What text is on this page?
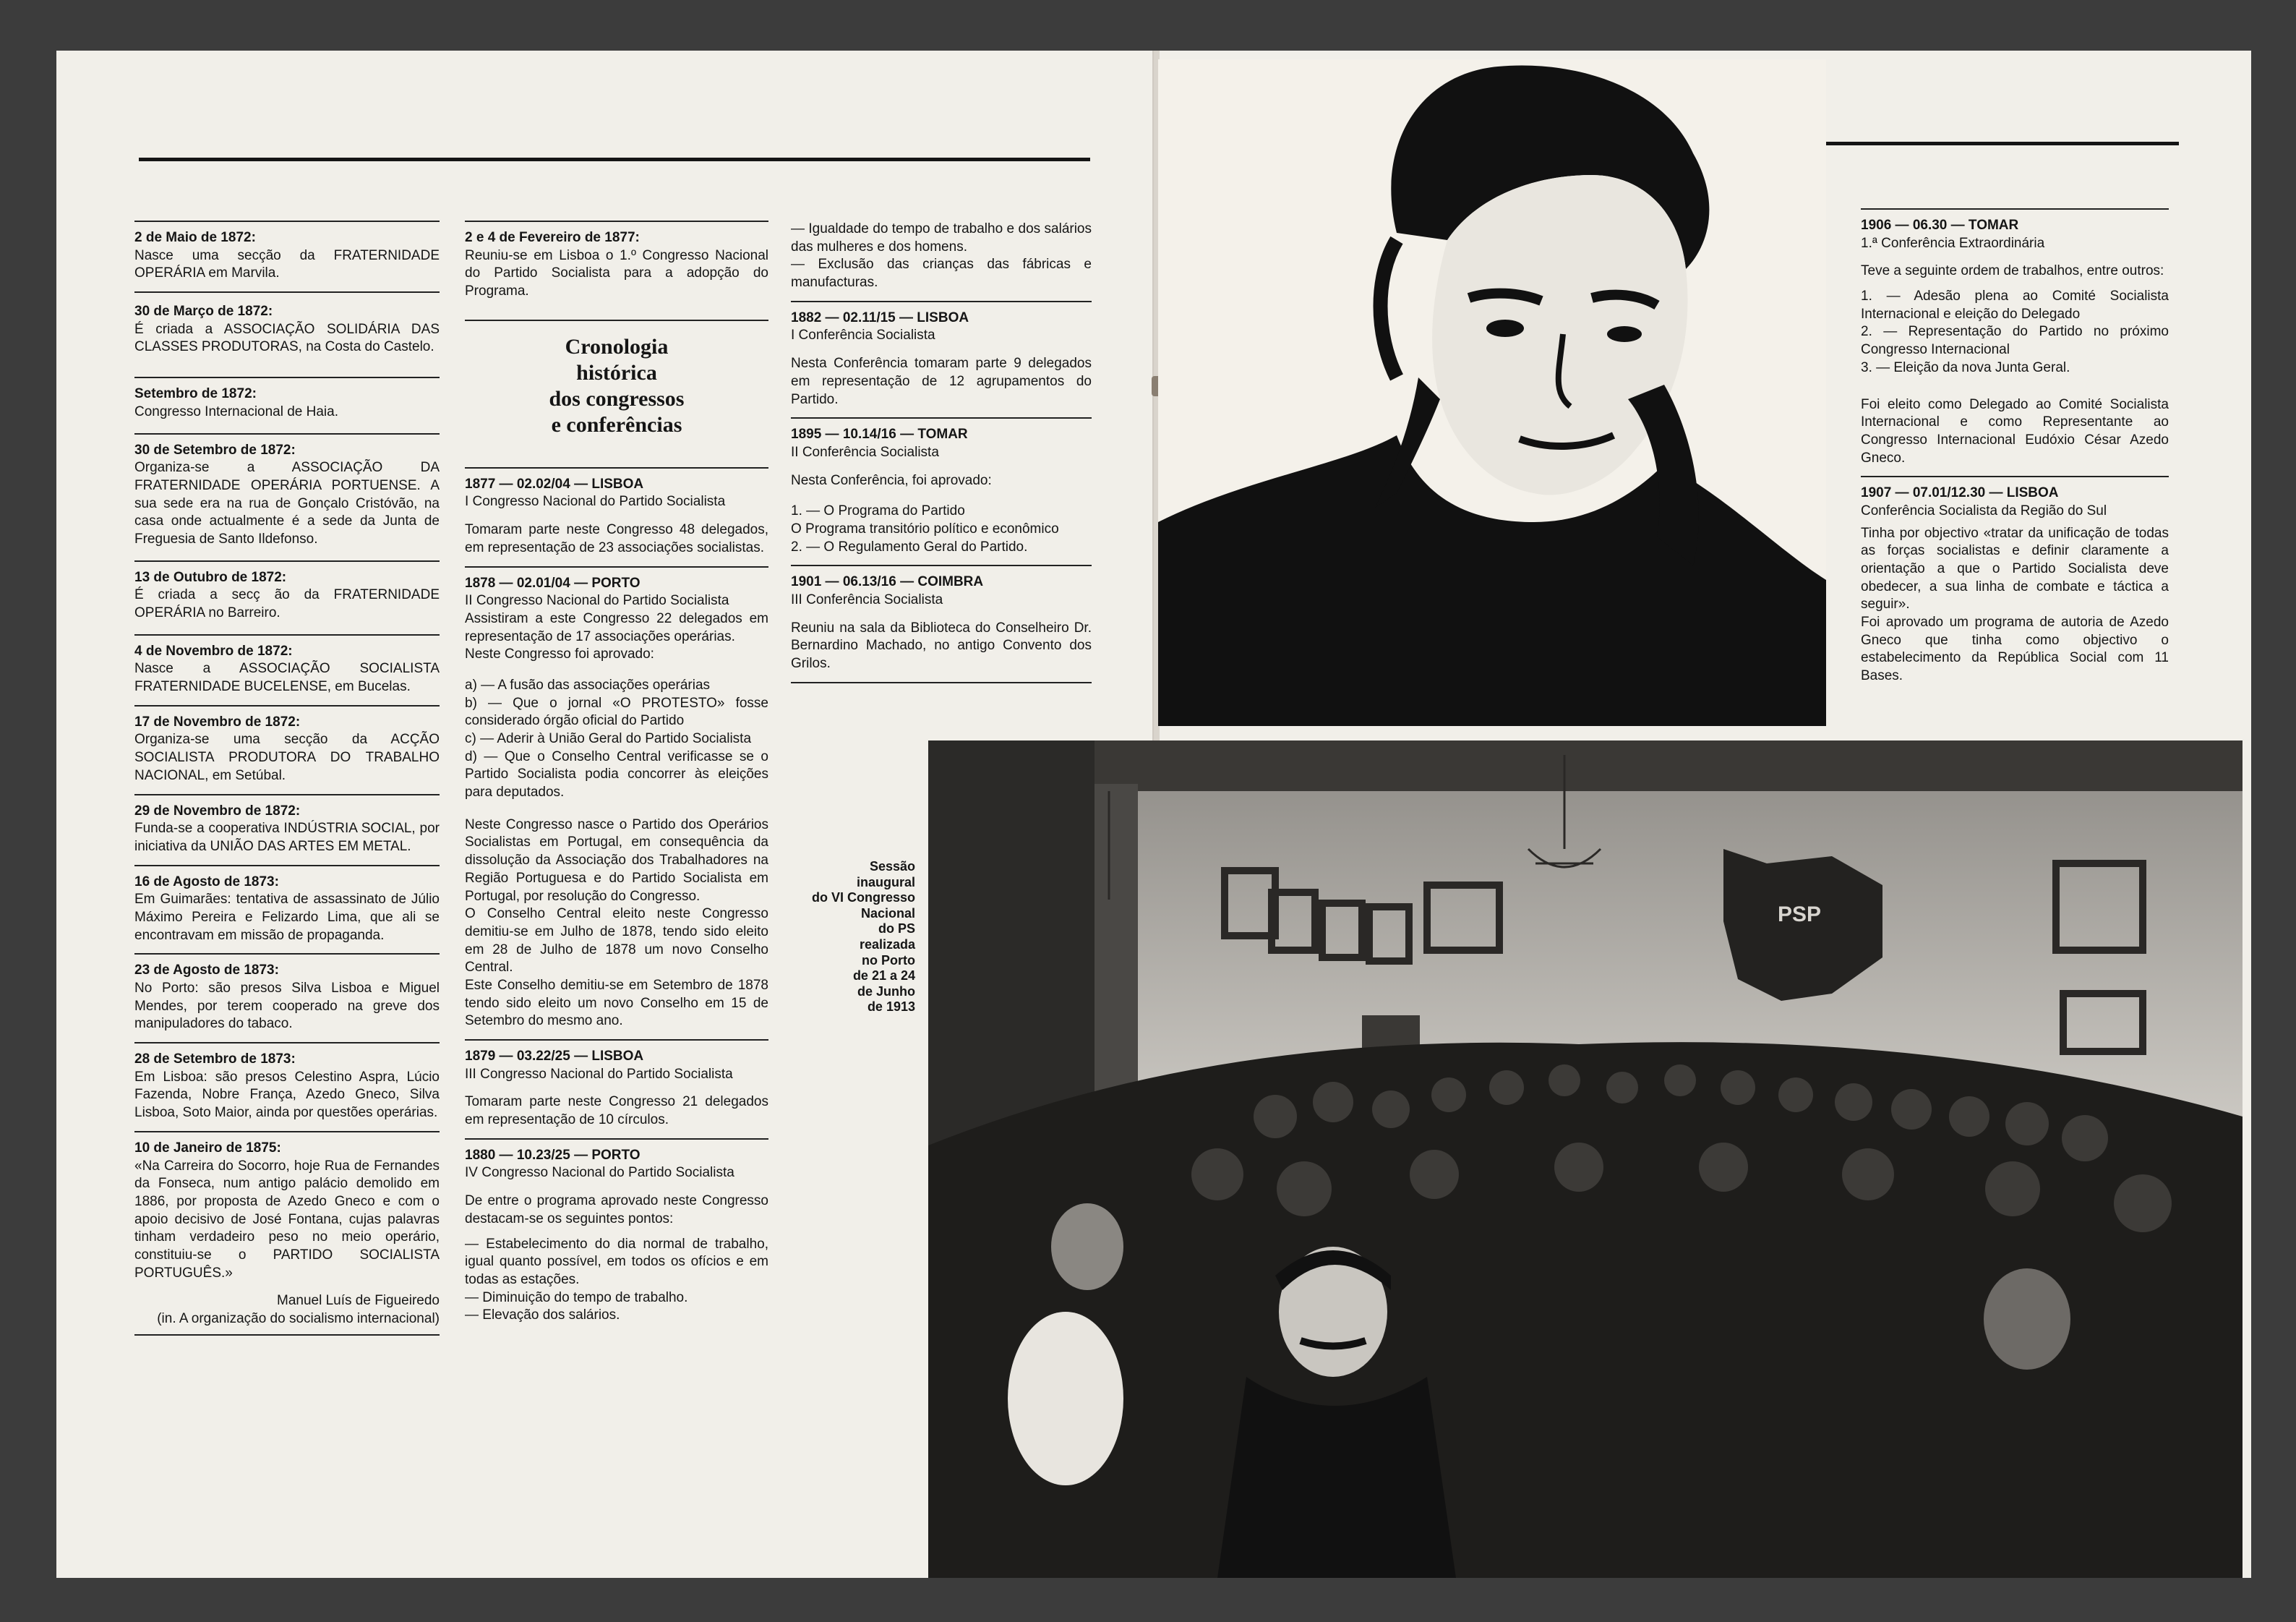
2 de Maio de 1872:
Nasce uma secção da FRATERNIDADE OPERÁRIA em Marvila.
30 de Março de 1872:
É criada a ASSOCIAÇÃO SOLIDÁRIA DAS CLASSES PRODUTORAS, na Costa do Castelo.
Setembro de 1872:
Congresso Internacional de Haia.
30 de Setembro de 1872:
Organiza-se a ASSOCIAÇÃO DA FRATERNIDADE OPERÁRIA PORTUENSE. A sua sede era na rua de Gonçalo Cristóvão, na casa onde actualmente é a sede da Junta de Freguesia de Santo Ildefonso.
13 de Outubro de 1872:
É criada a secç ão da FRATERNIDADE OPERÁRIA no Barreiro.
4 de Novembro de 1872:
Nasce a ASSOCIAÇÃO SOCIALISTA FRATERNIDADE BUCELENSE, em Bucelas.
17 de Novembro de 1872:
Organiza-se uma secção da ACÇÃO SOCIALISTA PRODUTORA DO TRABALHO NACIONAL, em Setúbal.
29 de Novembro de 1872:
Funda-se a cooperativa INDÚSTRIA SOCIAL, por iniciativa da UNIÃO DAS ARTES EM METAL.
16 de Agosto de 1873:
Em Guimarães: tentativa de assassinato de Júlio Máximo Pereira e Felizardo Lima, que ali se encontravam em missão de propaganda.
23 de Agosto de 1873:
No Porto: são presos Silva Lisboa e Miguel Mendes, por terem cooperado na greve dos manipuladores do tabaco.
28 de Setembro de 1873:
Em Lisboa: são presos Celestino Aspra, Lúcio Fazenda, Nobre França, Azedo Gneco, Silva Lisboa, Soto Maior, ainda por questões operárias.
10 de Janeiro de 1875:
«Na Carreira do Socorro, hoje Rua de Fernandes da Fonseca, num antigo palácio demolido em 1886, por proposta de Azedo Gneco e com o apoio decisivo de José Fontana, cujas palavras tinham verdadeiro peso no meio operário, constituiu-se o PARTIDO SOCIALISTA PORTUGUÊS.»
Manuel Luís de Figueiredo
(in. A organização do socialismo internacional)
2 e 4 de Fevereiro de 1877:
Reuniu-se em Lisboa o 1.º Congresso Nacional do Partido Socialista para a adopção do Programa.
Cronologia
histórica
dos congressos
e conferências
1877 — 02.02/04 — LISBOA
I Congresso Nacional do Partido Socialista
Tomaram parte neste Congresso 48 delegados, em representação de 23 associações socialistas.
1878 — 02.01/04 — PORTO
II Congresso Nacional do Partido Socialista
Assistiram a este Congresso 22 delegados em representação de 17 associações operárias.

Neste Congresso foi aprovado:

a) — A fusão das associações operárias
b) — Que o jornal «O PROTESTO» fosse considerado órgão oficial do Partido
c) — Aderir à União Geral do Partido Socialista

d) — Que o Conselho Central verificasse se o Partido Socialista podia concorrer às eleições para deputados.

Neste Congresso nasce o Partido dos Operários Socialistas em Portugal, em consequência da dissolução da Associação dos Trabalhadores na Região Portuguesa e do Partido Socialista em Portugal, por resolução do Congresso.
O Conselho Central eleito neste Congresso demitiu-se em Julho de 1878, tendo sido eleito em 28 de Julho de 1878 um novo Conselho Central.
Este Conselho demitiu-se em Setembro de 1878 tendo sido eleito um novo Conselho em 15 de Setembro do mesmo ano.
1879 — 03.22/25 — LISBOA
III Congresso Nacional do Partido Socialista
Tomaram parte neste Congresso 21 delegados em representação de 10 círculos.
1880 — 10.23/25 — PORTO
IV Congresso Nacional do Partido Socialista

De entre o programa aprovado neste Congresso destacam-se os seguintes pontos:

— Estabelecimento do dia normal de trabalho, igual quanto possível, em todos os ofícios e em todas as estações.
— Diminuição do tempo de trabalho.
— Elevação dos salários.
— Igualdade do tempo de trabalho e dos salários das mulheres e dos homens.
— Exclusão das crianças das fábricas e manufacturas.
1882 — 02.11/15 — LISBOA
I Conferência Socialista
Nesta Conferência tomaram parte 9 delegados em representação de 12 agrupamentos do Partido.
1895 — 10.14/16 — TOMAR
II Conferência Socialista

Nesta Conferência, foi aprovado:

1. — O Programa do Partido
O Programa transitório político e econômico
2. — O Regulamento Geral do Partido.
1901 — 06.13/16 — COIMBRA
III Conferência Socialista
Reuniu na sala da Biblioteca do Conselheiro Dr. Bernardino Machado, no antigo Convento dos Grilos.
Sessão
inaugural
do VI Congresso
Nacional
do PS
realizada
no Porto
de 21 a 24
de Junho
de 1913
1906 — 06.30 — TOMAR
1.ª Conferência Extraordinária

Teve a seguinte ordem de trabalhos, entre outros:

1. — Adesão plena ao Comité Socialista Internacional e eleição do Delegado
2. — Representação do Partido no próximo Congresso Internacional

3. — Eleição da nova Junta Geral.

Foi eleito como Delegado ao Comité Socialista Internacional e como Representante ao Congresso Internacional Eudóxio César Azedo Gneco.
1907 — 07.01/12.30 — LISBOA
Conferência Socialista da Região do Sul
Tinha por objectivo «tratar da unificação de todas as forças socialistas e definir claramente a orientação a que o Partido Socialista deve obedecer, a sua linha de combate e táctica a seguir».
Foi aprovado um programa de autoria de Azedo Gneco que tinha como objectivo o estabelecimento da República Social com 11 Bases.
PSP
